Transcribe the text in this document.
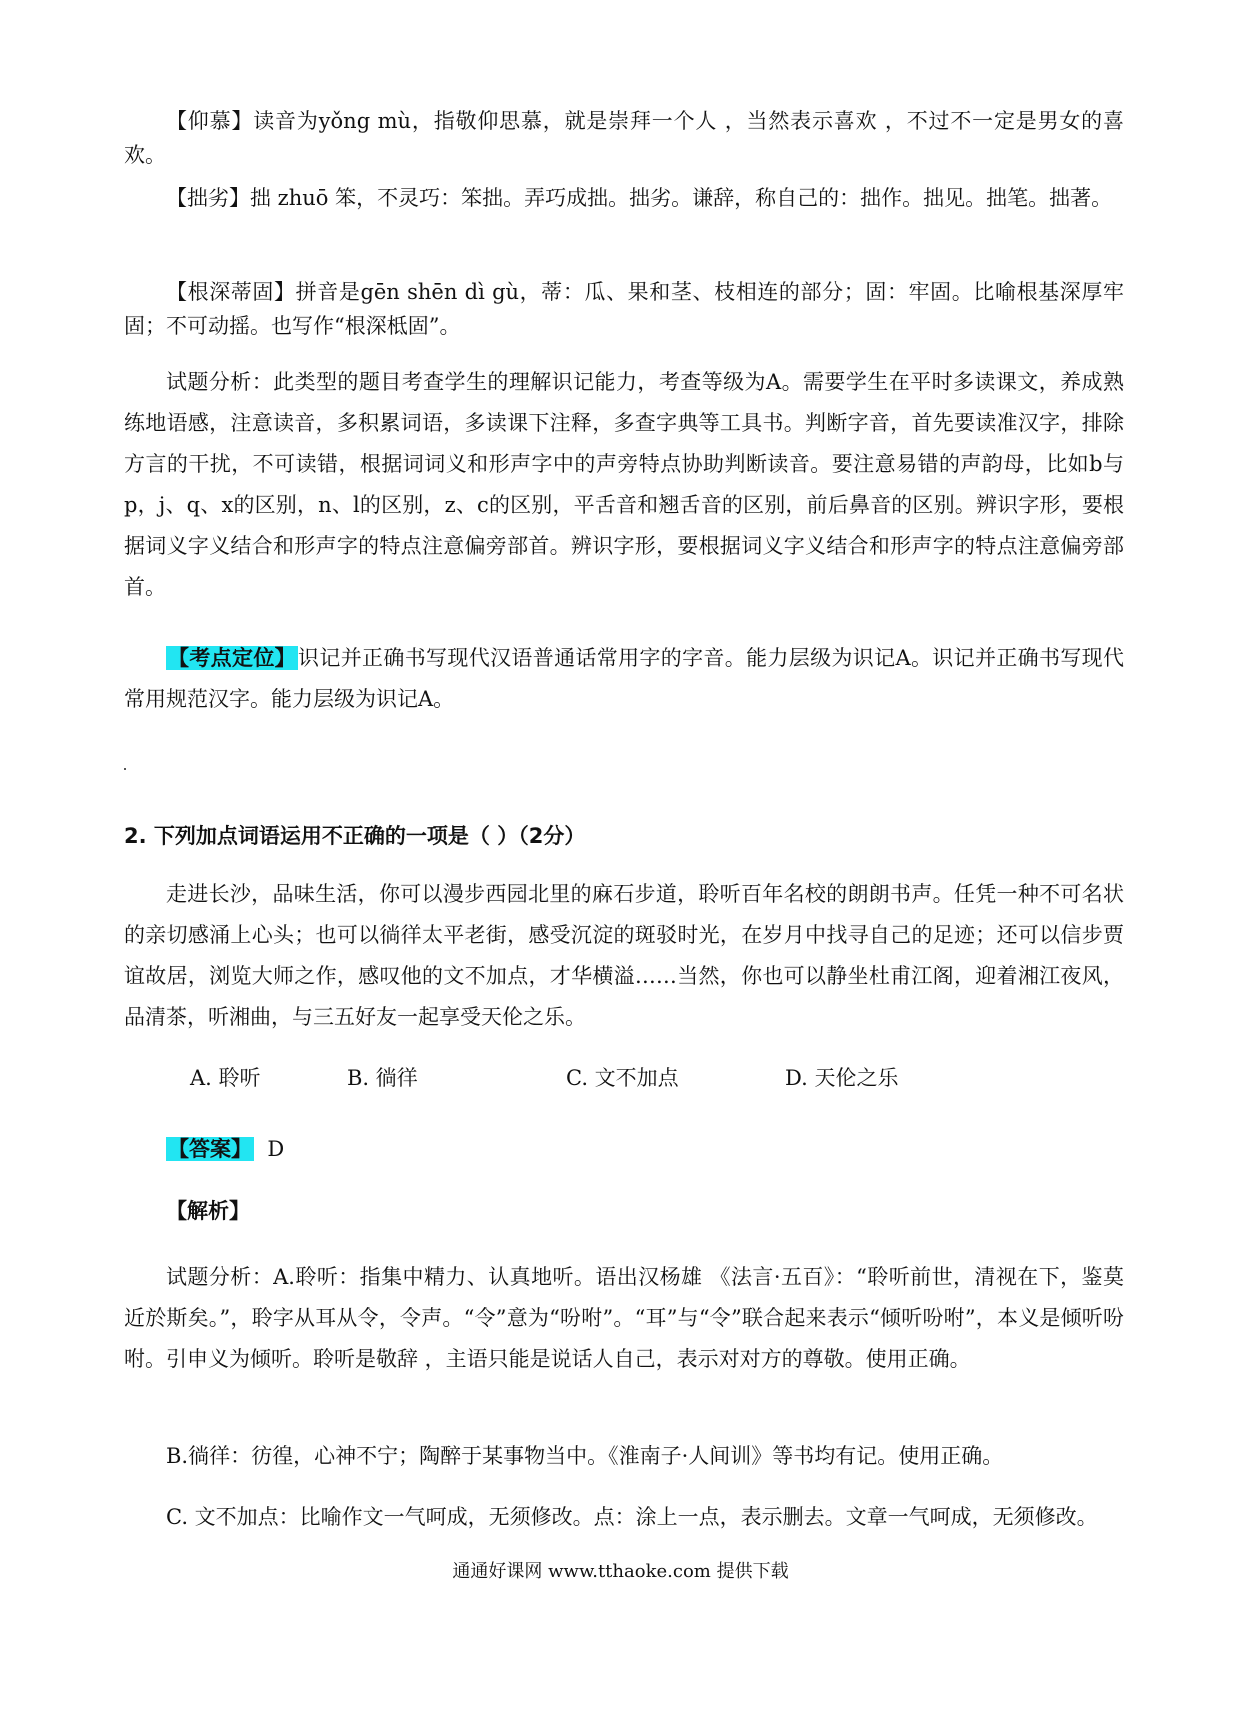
【仰慕】读音为yǒng mù，指敬仰思慕，就是崇拜一个人 ，当然表示喜欢 ，不过不一定是男女的喜欢。

【拙劣】拙 zhuō 笨，不灵巧：笨拙。弄巧成拙。拙劣。谦辞，称自己的：拙作。拙见。拙笔。拙著。

【根深蒂固】拼音是gēn shēn dì gù，蒂：瓜、果和茎、枝相连的部分；固：牢固。比喻根基深厚牢固；不可动摇。也写作“根深柢固”。

试题分析：此类型的题目考查学生的理解识记能力，考查等级为A。需要学生在平时多读课文，养成熟练地语感，注意读音，多积累词语，多读课下注释，多查字典等工具书。判断字音，首先要读准汉字，排除方言的干扰，不可读错，根据词词义和形声字中的声旁特点协助判断读音。要注意易错的声韵母，比如b与p，j、q、x的区别，n、l的区别，z、c的区别，平舌音和翘舌音的区别，前后鼻音的区别。辨识字形，要根据词义字义结合和形声字的特点注意偏旁部首。辨识字形，要根据词义字义结合和形声字的特点注意偏旁部首。

【考点定位】识记并正确书写现代汉语普通话常用字的字音。能力层级为识记A。识记并正确书写现代常用规范汉字。能力层级为识记A。

2. 下列加点词语运用不正确的一项是（ ）（2分）

走进长沙，品味生活，你可以漫步西园北里的麻石步道，聆听百年名校的朗朗书声。任凭一种不可名状的亲切感涌上心头；也可以徜徉太平老街，感受沉淀的斑驳时光，在岁月中找寻自己的足迹；还可以信步贾谊故居，浏览大师之作，感叹他的文不加点，才华横溢……当然，你也可以静坐杜甫江阁，迎着湘江夜风，品清茶，听湘曲，与三五好友一起享受天伦之乐。

A. 聆听	B. 徜徉	C. 文不加点	D. 天伦之乐
【答案】  D
【解析】

试题分析：A.聆听：指集中精力、认真地听。语出汉杨雄 《法言·五百》：“聆听前世，清视在下，鉴莫近於斯矣。”，聆字从耳从令，令声。“令”意为“吩咐”。“耳”与“令”联合起来表示“倾听吩咐”，本义是倾听吩咐。引申义为倾听。聆听是敬辞 ，主语只能是说话人自己，表示对对方的尊敬。使用正确。

B.徜徉：彷徨，心神不宁；陶醉于某事物当中。《淮南子·人间训》等书均有记。使用正确。

C. 文不加点：比喻作文一气呵成，无须修改。点：涂上一点，表示删去。文章一气呵成，无须修改。

通通好课网 www.tthaoke.com 提供下载
